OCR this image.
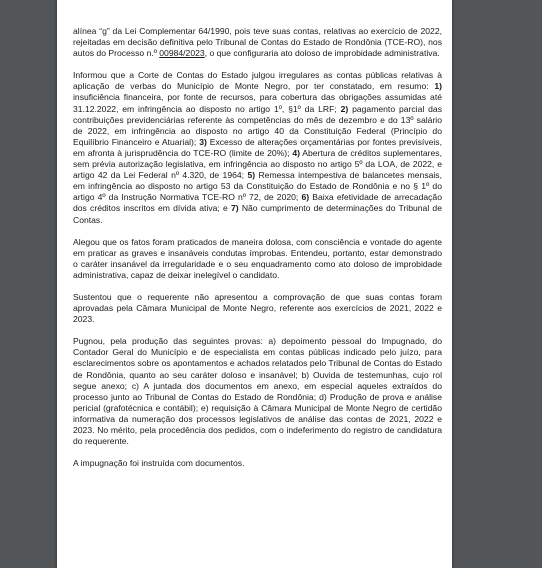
alínea “g” da Lei Complementar 64/1990, pois teve suas contas, relativas ao exercício de 2022, rejeitadas em decisão definitiva pelo Tribunal de Contas do Estado de Rondônia (TCE-RO), nos autos do Processo n.º 00984/2023, o que configuraria ato doloso de improbidade administrativa.

Informou que a Corte de Contas do Estado julgou irregulares as contas públicas relativas à aplicação de verbas do Município de Monte Negro, por ter constatado, em resumo: 1) insuficiência financeira, por fonte de recursos, para cobertura das obrigações assumidas até 31.12.2022, em infringência ao disposto no artigo 1º, §1º da LRF; 2) pagamento parcial das contribuições previdenciárias referente às competências do mês de dezembro e do 13º salário de 2022, em infringência ao disposto no artigo 40 da Constituição Federal (Princípio do Equilíbrio Financeiro e Atuarial); 3) Excesso de alterações orçamentárias por fontes previsíveis, em afronta à jurisprudência do TCE-RO (limite de 20%); 4) Abertura de créditos suplementares, sem prévia autorização legislativa, em infringência ao disposto no artigo 5º da LOA, de 2022, e artigo 42 da Lei Federal nº 4.320, de 1964; 5) Remessa intempestiva de balancetes mensais, em infringência ao disposto no artigo 53 da Constituição do Estado de Rondônia e no § 1º do artigo 4º da Instrução Normativa TCE-RO nº 72, de 2020; 6) Baixa efetividade de arrecadação dos créditos inscritos em dívida ativa; e 7) Não cumprimento de determinações do Tribunal de Contas.

Alegou que os fatos foram praticados de maneira dolosa, com consciência e vontade do agente em praticar as graves e insanáveis condutas ímprobas. Entendeu, portanto, estar demonstrado o caráter insanável da irregularidade e o seu enquadramento como ato doloso de improbidade administrativa, capaz de deixar inelegível o candidato.

Sustentou que o requerente não apresentou a comprovação de que suas contas foram aprovadas pela Câmara Municipal de Monte Negro, referente aos exercícios de 2021, 2022 e 2023.

Pugnou, pela produção das seguintes provas: a) depoimento pessoal do Impugnado, do Contador Geral do Município e de especialista em contas públicas indicado pelo juízo, para esclarecimentos sobre os apontamentos e achados relatados pelo Tribunal de Contas do Estado de Rondônia, quanto ao seu caráter doloso e insanável; b) Ouvida de testemunhas, cujo rol segue anexo; c) A juntada dos documentos em anexo, em especial aqueles extraídos do processo junto ao Tribunal de Contas do Estado de Rondônia; d) Produção de prova e análise pericial (grafotécnica e contábil); e) requisição à Câmara Municipal de Monte Negro de certidão informativa da numeração dos processos legislativos de análise das contas de 2021, 2022 e 2023. No mérito, pela procedência dos pedidos, com o indeferimento do registro de candidatura do requerente.

A impugnação foi instruída com documentos.
